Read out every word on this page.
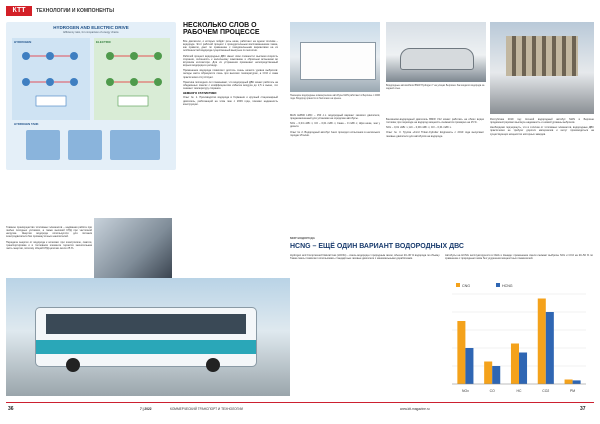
КТТ	ТЕХНОЛОГИИ И КОМПОНЕНТЫ
HYDROGEN AND ELECTRIC DRIVE
Efficiency ratio, for comparison of energy chains
HYDROGEN	ELECTRIC
HYDROGEN TANK

Главное преимущество топливных элементов – надёжная работа при любых погодных условиях, а также высокий КПД при частичной нагрузке. Энергия водорода используется для питания электродвигателя без промежуточных накопителей.

Передача энергии от водорода к колесам: при электролизе, сжатии, транспортировке и в топливном элементе теряется значительная часть энергии, поэтому общий КПД цепочки около 25 %.

НЕСКОЛЬКО СЛОВ О РАБОЧЕМ ПРОЦЕССЕ

Все двигатели, о которых пойдёт речь ниже, работают на одном топливе – водороде. Этот рабочий процесс с принудительным воспламенением также, как правило, дает по сравнению с газодизельными вариантами на их особенностей водорода существенный выигрыш по экологии.

Рабочий процесс водородных ДВС имеет свои сложности: высокая скорость сгорания, склонность к калильному зажиганию и обратным вспышкам во впускном коллекторе. Для их устранения применяют непосредственный впрыск водорода в цилиндр.

Применение водорода позволяет достичь очень низкого уровня выбросов: оксиды азота образуются лишь при высоких температурах, а CO2 и сажа практически отсутствуют.

Практика последних лет показывает, что водородный ДВС может работать на обеднённых смесях с коэффициентом избытка воздуха до 2,5 и выше, что снижает температуру сгорания.

НЕМНОГО СТАТИСТИКИ

Опыт № 1. Производство водорода в Германии и крупный стационарный двигатель, работающий на этом газе с 2009 года, показал надежность конструкции.

Немецкие водородные коммерческие автобусы MAN работают в Берлине с 2006 года. Водород хранится в баллонах на крыше.

MAN H2846 LMIC – 150 л.с. водородный вариант газового двигателя, предназначенный для установки на городские автобусы.

NOx – 0,04 г/кВт·ч; СО – 0,01 г/кВт·ч; Сажа – 0 г/кВт·ч; Шум ниже, чем у дизеля.

Опыт № 2. Водородный автобус Iveco проходил испытания в нескольких городах Италии.

Водородные автомобили BMW Hydrogen 7 на улицах Берлина: бак жидкого водорода за задней осью.

Бензиново-водородный двигатель BMW V12 может работать на обоих видах топлива; при переходе на водород мощность снижается примерно на 15 %.

NOx – 0,01 г/кВт·ч; НС – 0,00 г/кВт·ч; СО – 0,01 г/кВт·ч.

Опыт № 3. Группа «Ford Tinker-Cylinder Engineers» с 2010 года выпускает газовые двигатели для автобусов на водороде.

Республика 2019 год: Ночной водородный автобус MAN в Берлине продемонстрировал высокую надежность и низкий уровень выбросов.

Необходимо подчеркнуть, что в отличие от топливных элементов, водородные ДВС практически не требуют дорогих материалов и могут производиться на существующих мощностях моторных заводов.

МИР ВОДОРОДА
HCNG – ЕЩЁ ОДИН ВАРИАНТ ВОДОРОДНЫХ ДВС

Hydrogen and Compressed Natural Gas (HCNG) – смесь водорода с природным газом, обычно 20–30 % водорода по объему. Такая смесь позволяет использовать стандартные газовые двигатели с минимальными доработками.

Автобусы на HCNG эксплуатируются в США и Канаде: применение смеси снижает выбросы NOx и CO2 на 20–50 % по сравнению с природным газом без ухудшения мощностных показателей.

CNG	HCNG
NOx	CO	HC	CO2	PM
36	7 | 2022	КОММЕРЧЕСКИЙ ТРАНСПОРТ И ТЕХНОЛОГИИ	www.ktt-magazine.ru	37
